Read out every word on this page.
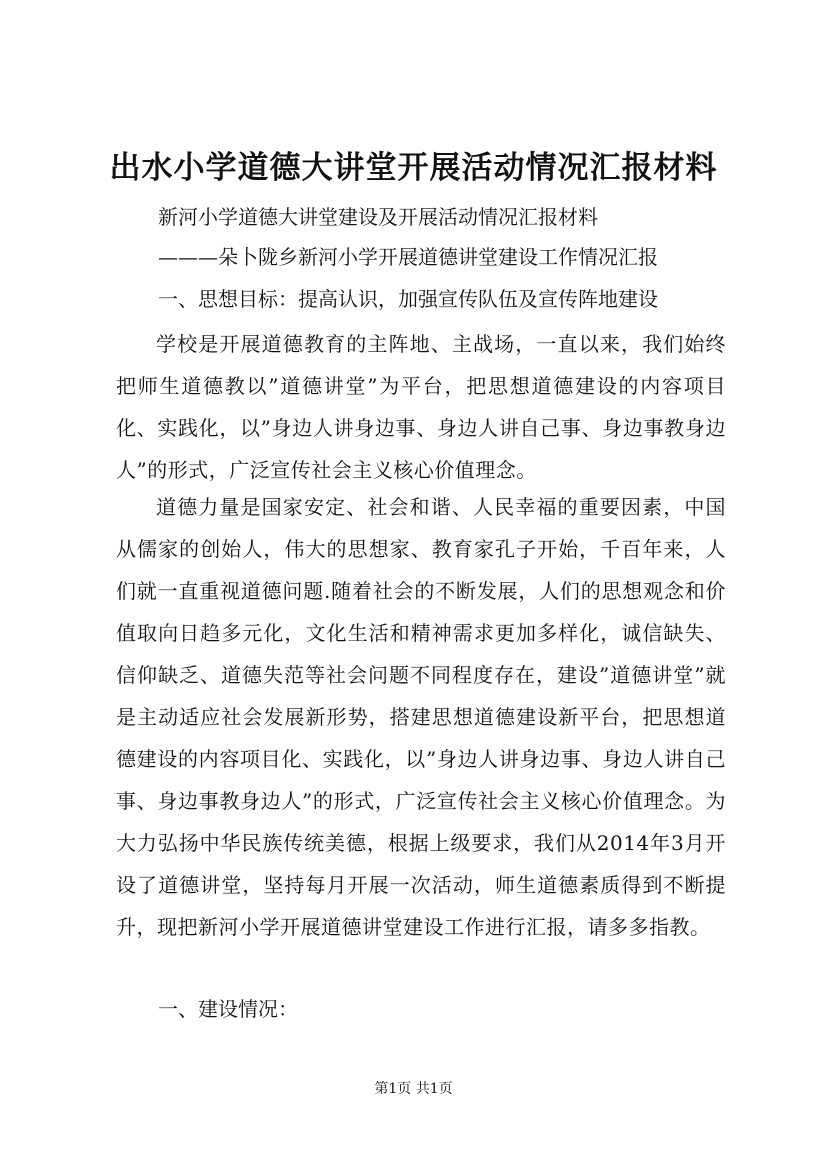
出水小学道德大讲堂开展活动情况汇报材料

新河小学道德大讲堂建设及开展活动情况汇报材料

———朵卜陇乡新河小学开展道德讲堂建设工作情况汇报

一、思想目标：提高认识，加强宣传队伍及宣传阵地建设

学校是开展道德教育的主阵地、主战场，一直以来，我们始终把师生道德教以”道德讲堂”为平台，把思想道德建设的内容项目化、实践化，以”身边人讲身边事、身边人讲自己事、身边事教身边人”的形式，广泛宣传社会主义核心价值理念。

道德力量是国家安定、社会和谐、人民幸福的重要因素，中国从儒家的创始人，伟大的思想家、教育家孔子开始，千百年来，人们就一直重视道德问题.随着社会的不断发展，人们的思想观念和价值取向日趋多元化，文化生活和精神需求更加多样化，诚信缺失、信仰缺乏、道德失范等社会问题不同程度存在，建设”道德讲堂”就是主动适应社会发展新形势，搭建思想道德建设新平台，把思想道德建设的内容项目化、实践化，以”身边人讲身边事、身边人讲自己事、身边事教身边人”的形式，广泛宣传社会主义核心价值理念。为大力弘扬中华民族传统美德，根据上级要求，我们从2014年3月开设了道德讲堂，坚持每月开展一次活动，师生道德素质得到不断提升，现把新河小学开展道德讲堂建设工作进行汇报，请多多指教。

一、建设情况：

第1页 共1页
